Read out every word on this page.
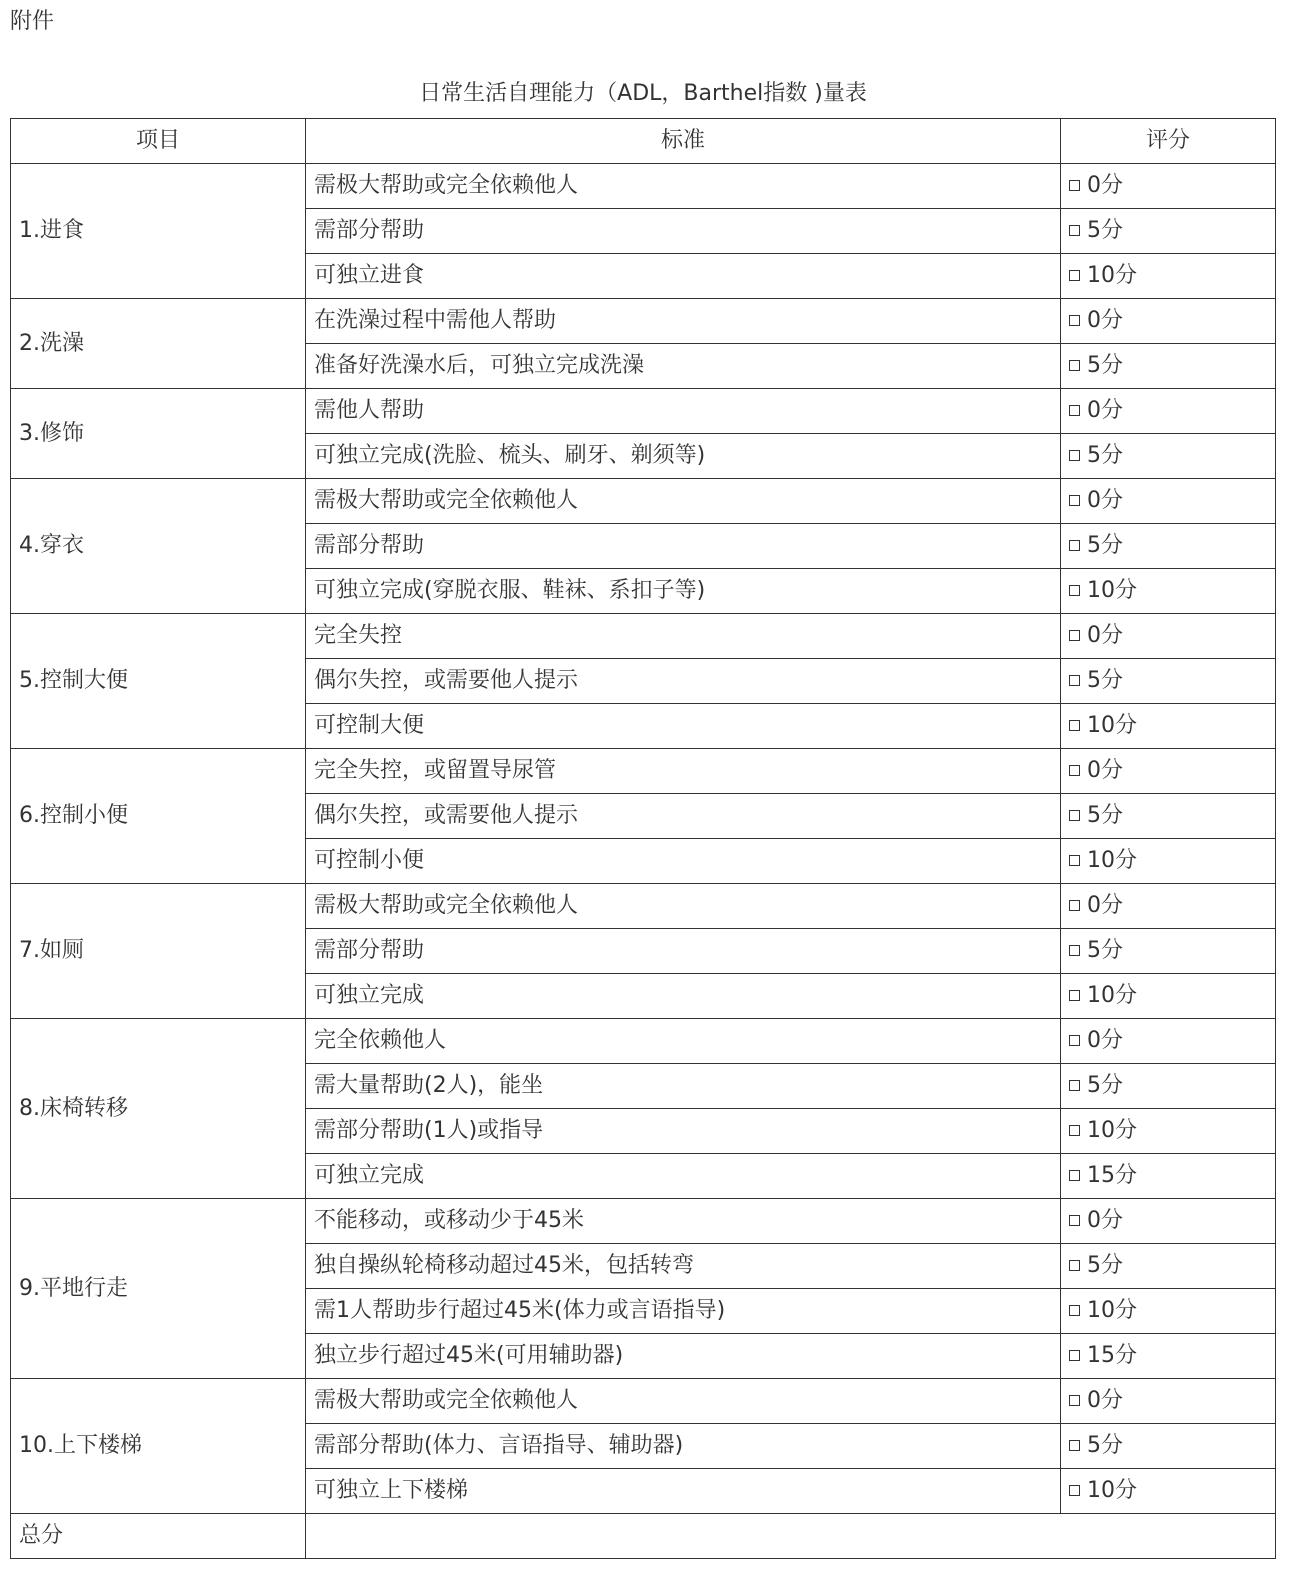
附件
日常生活自理能力（ADL，Barthel指数 )量表
项目	标准	评分
1.进食	需极大帮助或完全依赖他人	0分
	需部分帮助	5分
	可独立进食	10分
2.洗澡	在洗澡过程中需他人帮助	0分
	准备好洗澡水后，可独立完成洗澡	5分
3.修饰	需他人帮助	0分
	可独立完成(洗脸、梳头、刷牙、剃须等)	5分
4.穿衣	需极大帮助或完全依赖他人	0分
	需部分帮助	5分
	可独立完成(穿脱衣服、鞋袜、系扣子等)	10分
5.控制大便	完全失控	0分
	偶尔失控，或需要他人提示	5分
	可控制大便	10分
6.控制小便	完全失控，或留置导尿管	0分
	偶尔失控，或需要他人提示	5分
	可控制小便	10分
7.如厕	需极大帮助或完全依赖他人	0分
	需部分帮助	5分
	可独立完成	10分
8.床椅转移	完全依赖他人	0分
	需大量帮助(2人)，能坐	5分
	需部分帮助(1人)或指导	10分
	可独立完成	15分
9.平地行走	不能移动，或移动少于45米	0分
	独自操纵轮椅移动超过45米，包括转弯	5分
	需1人帮助步行超过45米(体力或言语指导)	10分
	独立步行超过45米(可用辅助器)	15分
10.上下楼梯	需极大帮助或完全依赖他人	0分
	需部分帮助(体力、言语指导、辅助器)	5分
	可独立上下楼梯	10分
总分		
